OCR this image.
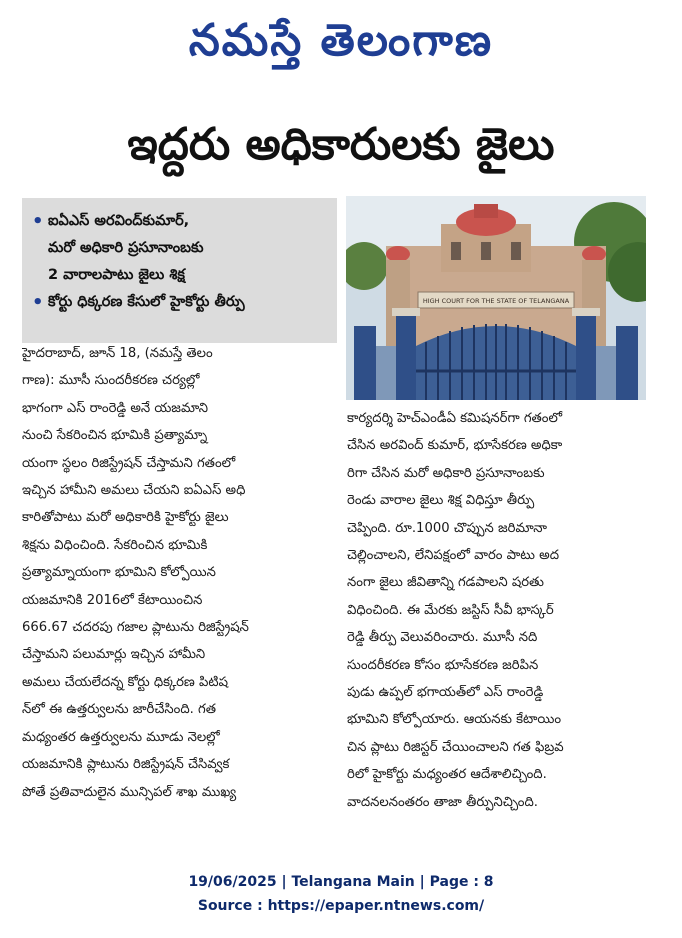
నమస్తే తెలంగాణ
ఇద్దరు అధికారులకు జైలు
• ఐఏఎస్ అరవింద్‌కుమార్,
మరో అధికారి ప్రసూనాంబకు
2 వారాలపాటు జైలు శిక్ష
• కోర్టు ధిక్కరణ కేసులో హైకోర్టు తీర్పు	HIGH COURT FOR THE STATE OF TELANGANA
హైదరాబాద్, జూన్ 18, (నమస్తే తెలం
గాణ): మూసీ సుందరీకరణ చర్యల్లో
భాగంగా ఎస్ రాంరెడ్డి అనే యజమాని
నుంచి సేకరించిన భూమికి ప్రత్యామ్నా
యంగా స్థలం రిజిస్ట్రేషన్ చేస్తామని గతంలో
ఇచ్చిన హామీని అమలు చేయని ఐఏఎస్ అధి
కారితోపాటు మరో అధికారికి హైకోర్టు జైలు
శిక్షను విధించింది. సేకరించిన భూమికి
ప్రత్యామ్నాయంగా భూమిని కోల్పోయిన
యజమానికి 2016లో కేటాయించిన
666.67 చదరపు గజాల ప్లాటును రిజిస్ట్రేషన్
చేస్తామని పలుమార్లు ఇచ్చిన హామీని
అమలు చేయలేదన్న కోర్టు ధిక్కరణ పిటిష
న్‌లో ఈ ఉత్తర్వులను జారీచేసింది. గత
మధ్యంతర ఉత్తర్వులను మూడు నెలల్లో
యజమానికి ప్లాటును రిజిస్ట్రేషన్ చేసివ్వక
పోతే ప్రతివాదులైన మున్సిపల్ శాఖ ముఖ్య
కార్యదర్శి హెచ్‌ఎండీఏ కమిషనర్‌గా గతంలో
చేసిన అరవింద్ కుమార్, భూసేకరణ అధికా
రిగా చేసిన మరో అధికారి ప్రసూనాంబకు
రెండు వారాల జైలు శిక్ష విధిస్తూ తీర్పు
చెప్పింది. రూ.1000 చొప్పున జరిమానా
చెల్లించాలని, లేనిపక్షంలో వారం పాటు అద
నంగా జైలు జీవితాన్ని గడపాలని షరతు
విధించింది. ఈ మేరకు జస్టిస్ సీవీ భాస్కర్
రెడ్డి తీర్పు వెలువరించారు. మూసీ నది
సుందరీకరణ కోసం భూసేకరణ జరిపిన
పుడు ఉప్పల్ భగాయత్‌లో ఎస్ రాంరెడ్డి
భూమిని కోల్పోయారు. ఆయనకు కేటాయిం
చిన ప్లాటు రిజిస్టర్ చేయించాలని గత ఫిబ్రవ
రిలో హైకోర్టు మధ్యంతర ఆదేశాలిచ్చింది.
వాదనలనంతరం తాజా తీర్పునిచ్చింది.
19/06/2025 | Telangana Main | Page : 8
Source : https://epaper.ntnews.com/
